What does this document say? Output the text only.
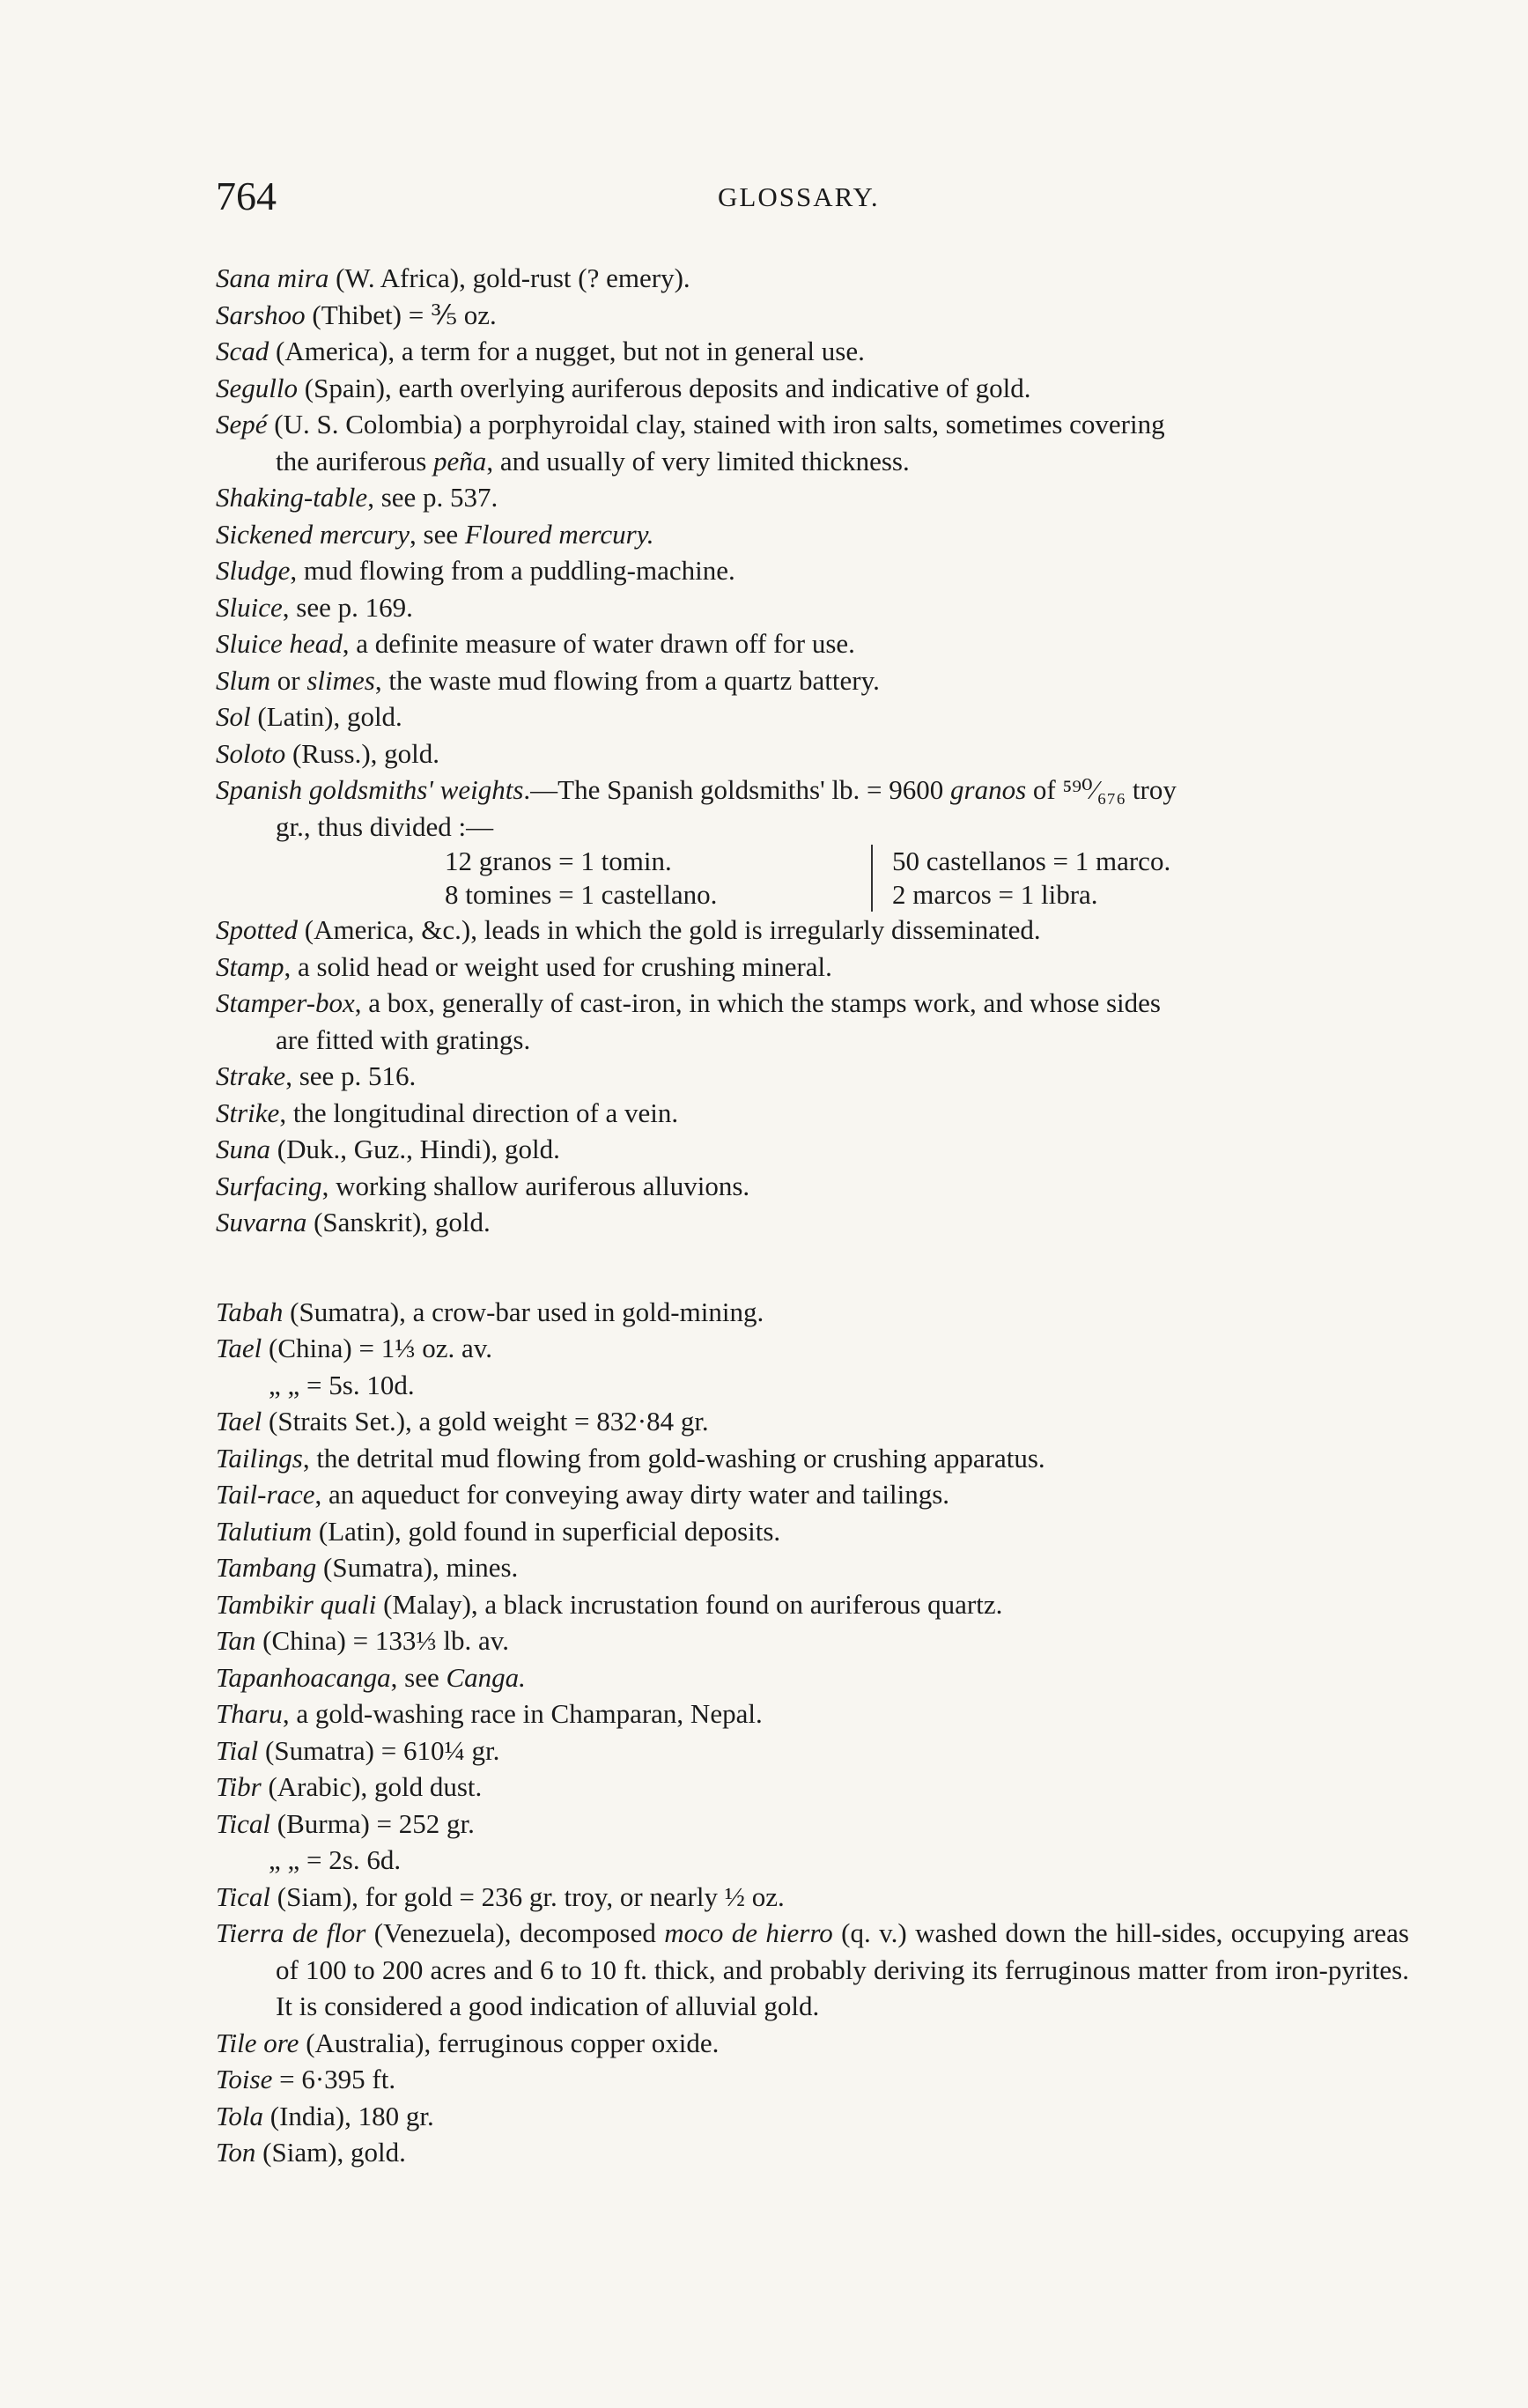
764	GLOSSARY.

Sana mira (W. Africa), gold-rust (? emery).

Sarshoo (Thibet) = ⅗ oz.

Scad (America), a term for a nugget, but not in general use.

Segullo (Spain), earth overlying auriferous deposits and indicative of gold.

Sepé (U. S. Colombia) a porphyroidal clay, stained with iron salts, sometimes covering

the auriferous peña, and usually of very limited thickness.

Shaking-table, see p. 537.

Sickened mercury, see Floured mercury.

Sludge, mud flowing from a puddling-machine.

Sluice, see p. 169.

Sluice head, a definite measure of water drawn off for use.

Slum or slimes, the waste mud flowing from a quartz battery.

Sol (Latin), gold.

Soloto (Russ.), gold.

Spanish goldsmiths' weights.—The Spanish goldsmiths' lb. = 9600 granos of ⁵⁹⁰⁄₆₇₆ troy

gr., thus divided :—

12 granos = 1 tomin.
8 tomines = 1 castellano.
50 castellanos = 1 marco.
2 marcos = 1 libra.

Spotted (America, &c.), leads in which the gold is irregularly disseminated.

Stamp, a solid head or weight used for crushing mineral.

Stamper-box, a box, generally of cast-iron, in which the stamps work, and whose sides

are fitted with gratings.

Strake, see p. 516.

Strike, the longitudinal direction of a vein.

Suna (Duk., Guz., Hindi), gold.

Surfacing, working shallow auriferous alluvions.

Suvarna (Sanskrit), gold.

Tabah (Sumatra), a crow-bar used in gold-mining.

Tael (China) = 1⅓ oz. av.

„ „ = 5s. 10d.

Tael (Straits Set.), a gold weight = 832·84 gr.

Tailings, the detrital mud flowing from gold-washing or crushing apparatus.

Tail-race, an aqueduct for conveying away dirty water and tailings.

Talutium (Latin), gold found in superficial deposits.

Tambang (Sumatra), mines.

Tambikir quali (Malay), a black incrustation found on auriferous quartz.

Tan (China) = 133⅓ lb. av.

Tapanhoacanga, see Canga.

Tharu, a gold-washing race in Champaran, Nepal.

Tial (Sumatra) = 610¼ gr.

Tibr (Arabic), gold dust.

Tical (Burma) = 252 gr.

„ „ = 2s. 6d.

Tical (Siam), for gold = 236 gr. troy, or nearly ½ oz.

Tierra de flor (Venezuela), decomposed moco de hierro (q. v.) washed down the hill-sides, occupying areas of 100 to 200 acres and 6 to 10 ft. thick, and probably deriving its ferruginous matter from iron-pyrites. It is considered a good indication of alluvial gold.

Tile ore (Australia), ferruginous copper oxide.

Toise = 6·395 ft.

Tola (India), 180 gr.

Ton (Siam), gold.
